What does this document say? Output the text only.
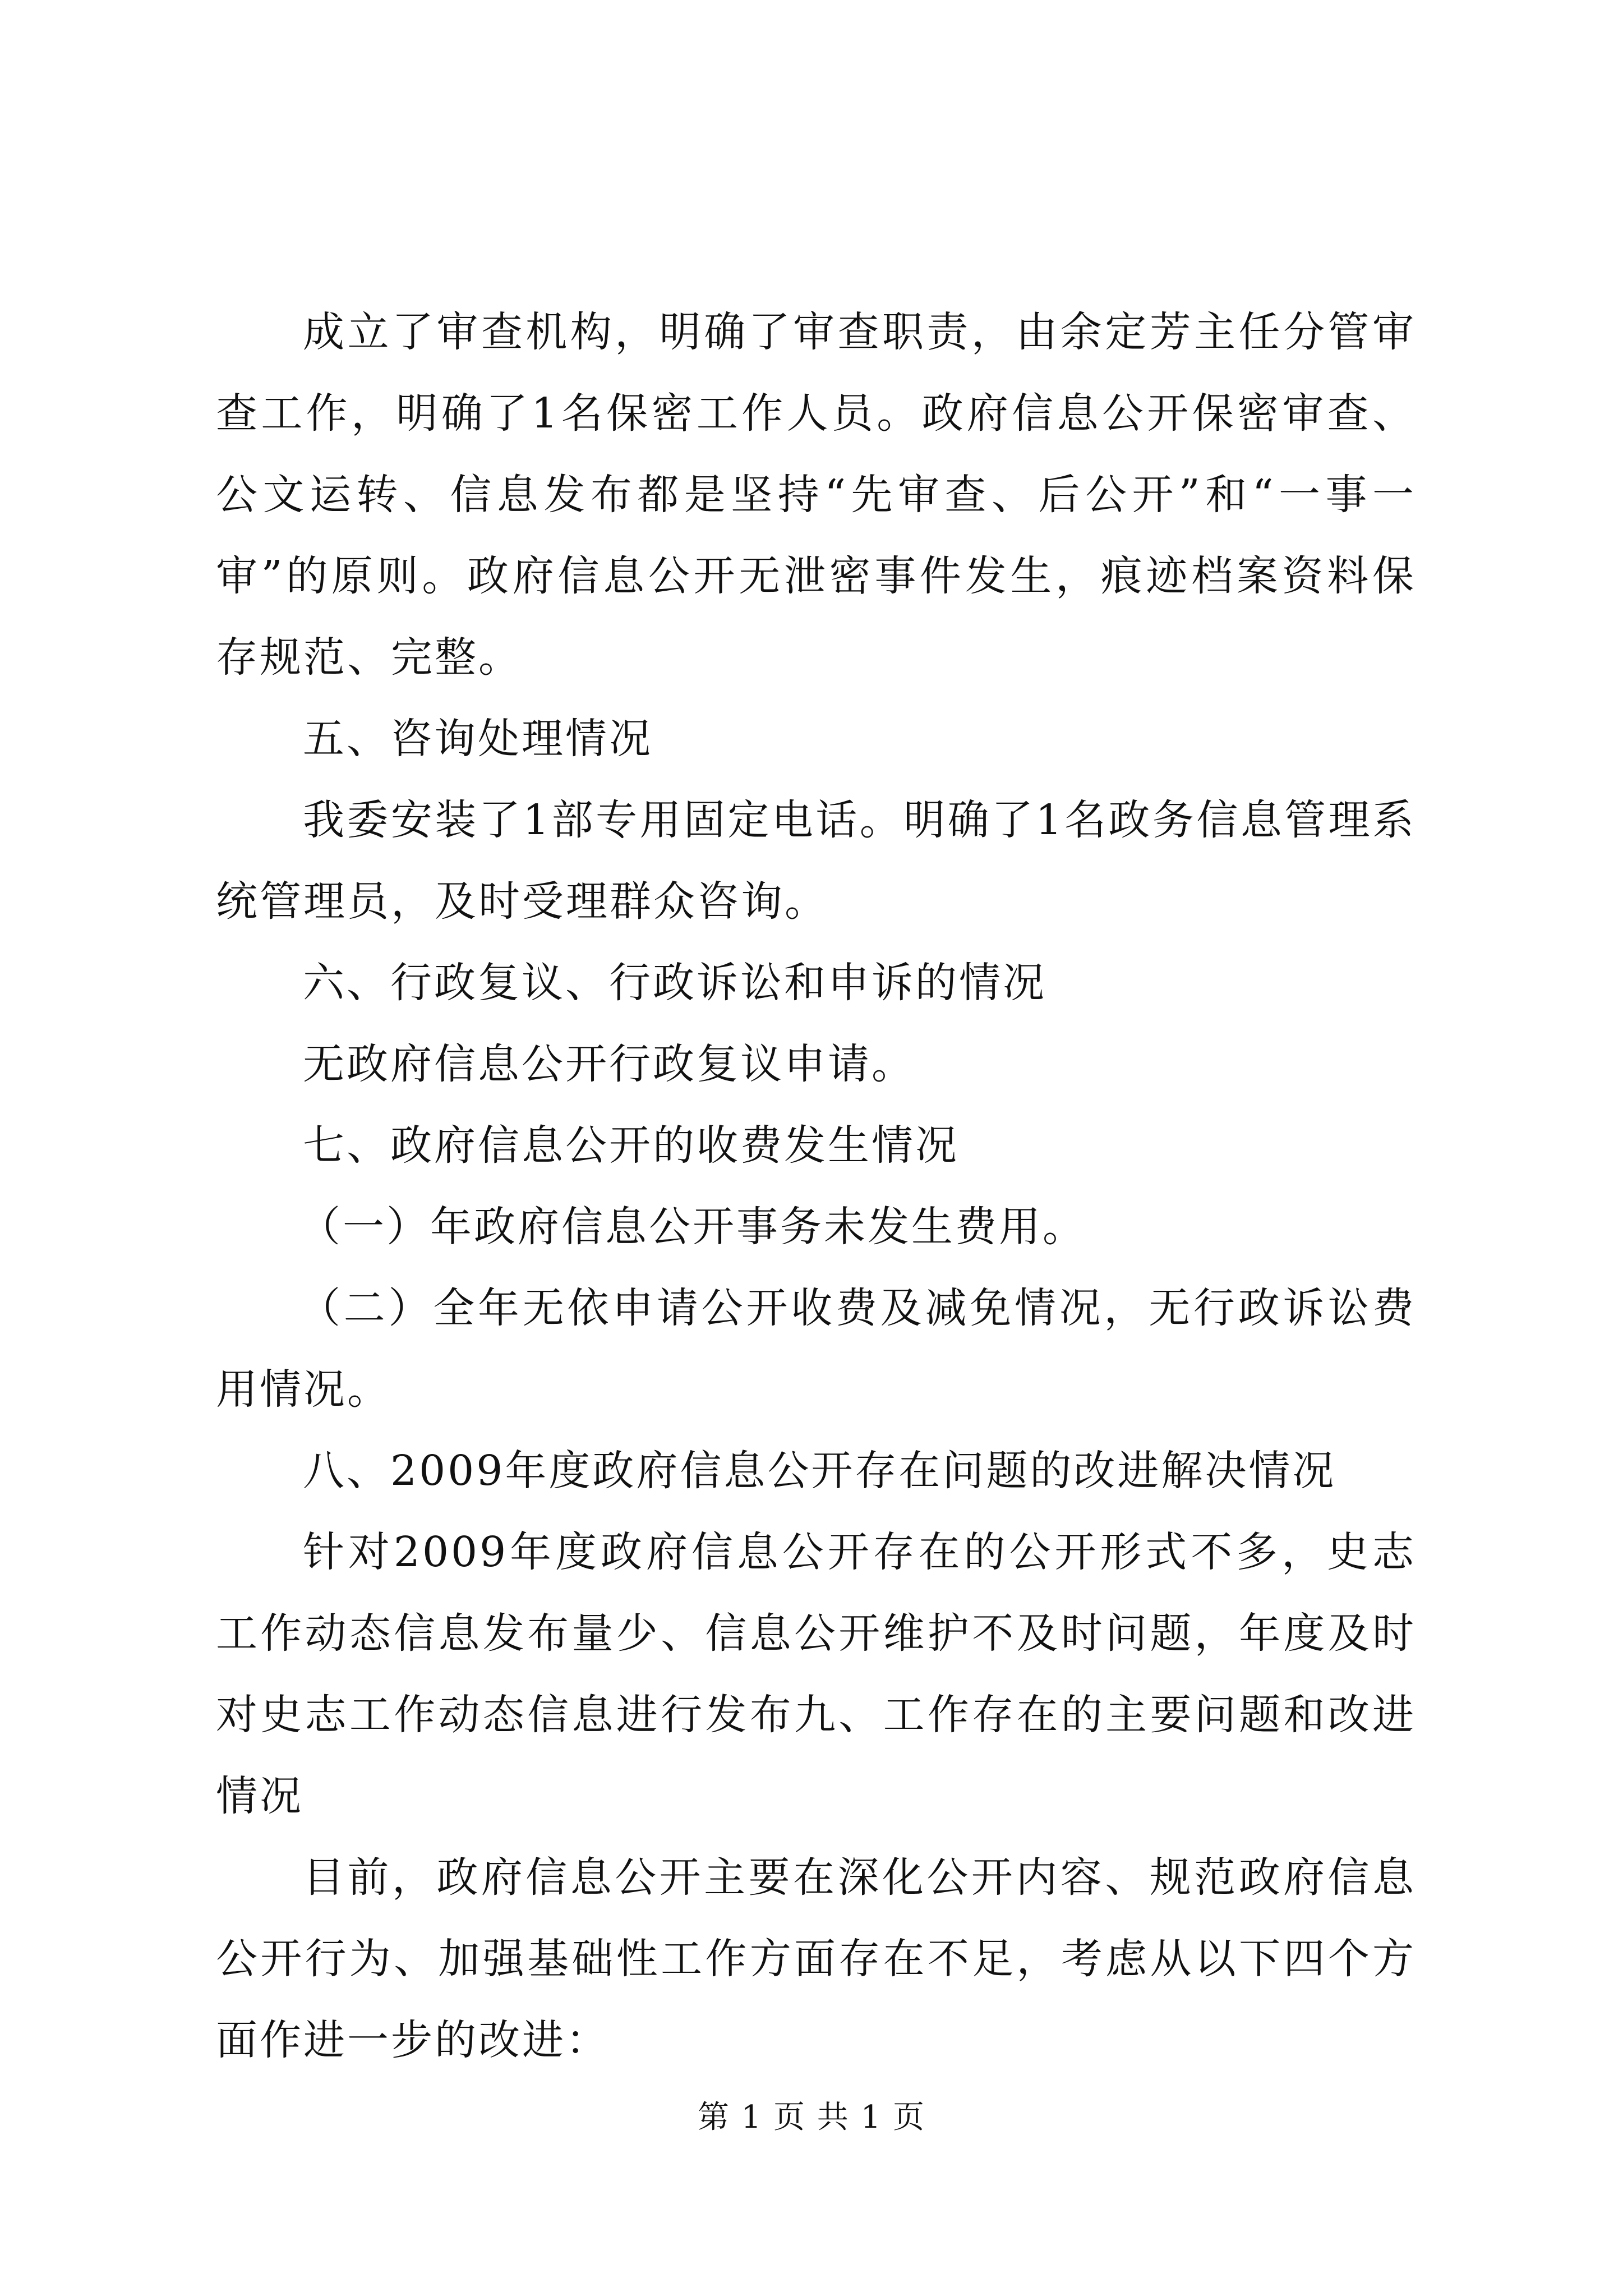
成立了审查机构，明确了审查职责，由余定芳主任分管审查工作，明确了1名保密工作人员。政府信息公开保密审查、公文运转、信息发布都是坚持“先审查、后公开”和“一事一审”的原则。政府信息公开无泄密事件发生，痕迹档案资料保存规范、完整。

五、咨询处理情况

我委安装了1部专用固定电话。明确了1名政务信息管理系统管理员，及时受理群众咨询。

六、行政复议、行政诉讼和申诉的情况

无政府信息公开行政复议申请。

七、政府信息公开的收费发生情况

（一）年政府信息公开事务未发生费用。

（二）全年无依申请公开收费及减免情况，无行政诉讼费用情况。

八、2009年度政府信息公开存在问题的改进解决情况

针对2009年度政府信息公开存在的公开形式不多，史志工作动态信息发布量少、信息公开维护不及时问题，年度及时对史志工作动态信息进行发布九、工作存在的主要问题和改进情况

目前，政府信息公开主要在深化公开内容、规范政府信息公开行为、加强基础性工作方面存在不足，考虑从以下四个方面作进一步的改进：

第 1 页 共 1 页
